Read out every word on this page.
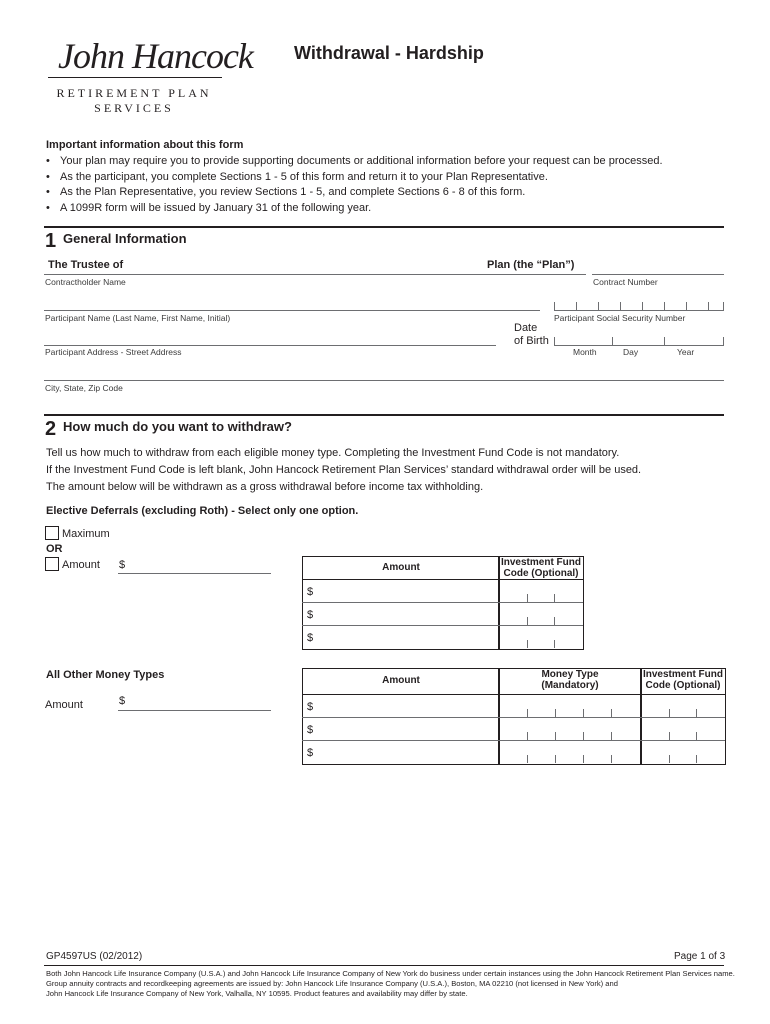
John Hancock
RETIREMENT PLAN
SERVICES
Withdrawal - Hardship
Important information about this form
• Your plan may require you to provide supporting documents or additional information before your request can be processed.
• As the participant, you complete Sections 1 - 5 of this form and return it to your Plan Representative.
• As the Plan Representative, you review Sections 1 - 5, and complete Sections 6 - 8 of this form.
• A 1099R form will be issued by January 31 of the following year.
1 General Information
The Trustee of	Plan (the “Plan”)
Contractholder Name	Contract Number
Participant Name (Last Name, First Name, Initial)	Participant Social Security Number
Date
of Birth
Participant Address - Street Address	Month	Day	Year
City, State, Zip Code
2 How much do you want to withdraw?
Tell us how much to withdraw from each eligible money type. Completing the Investment Fund Code is not mandatory.
If the Investment Fund Code is left blank, John Hancock Retirement Plan Services’ standard withdrawal order will be used.
The amount below will be withdrawn as a gross withdrawal before income tax withholding.
Elective Deferrals (excluding Roth) - Select only one option.
Maximum
OR
Amount $	Amount	Investment Fund
Code (Optional)
$
$
$
All Other Money Types
Amount	$
Amount
Money Type
(Mandatory)
Investment Fund
Code (Optional)
$
$
$
GP4597US (02/2012)	Page 1 of 3
Both John Hancock Life Insurance Company (U.S.A.) and John Hancock Life Insurance Company of New York do business under certain instances using the John Hancock Retirement Plan Services name.
Group annuity contracts and recordkeeping agreements are issued by: John Hancock Life Insurance Company (U.S.A.), Boston, MA 02210 (not licensed in New York) and
John Hancock Life Insurance Company of New York, Valhalla, NY 10595. Product features and availability may differ by state.
